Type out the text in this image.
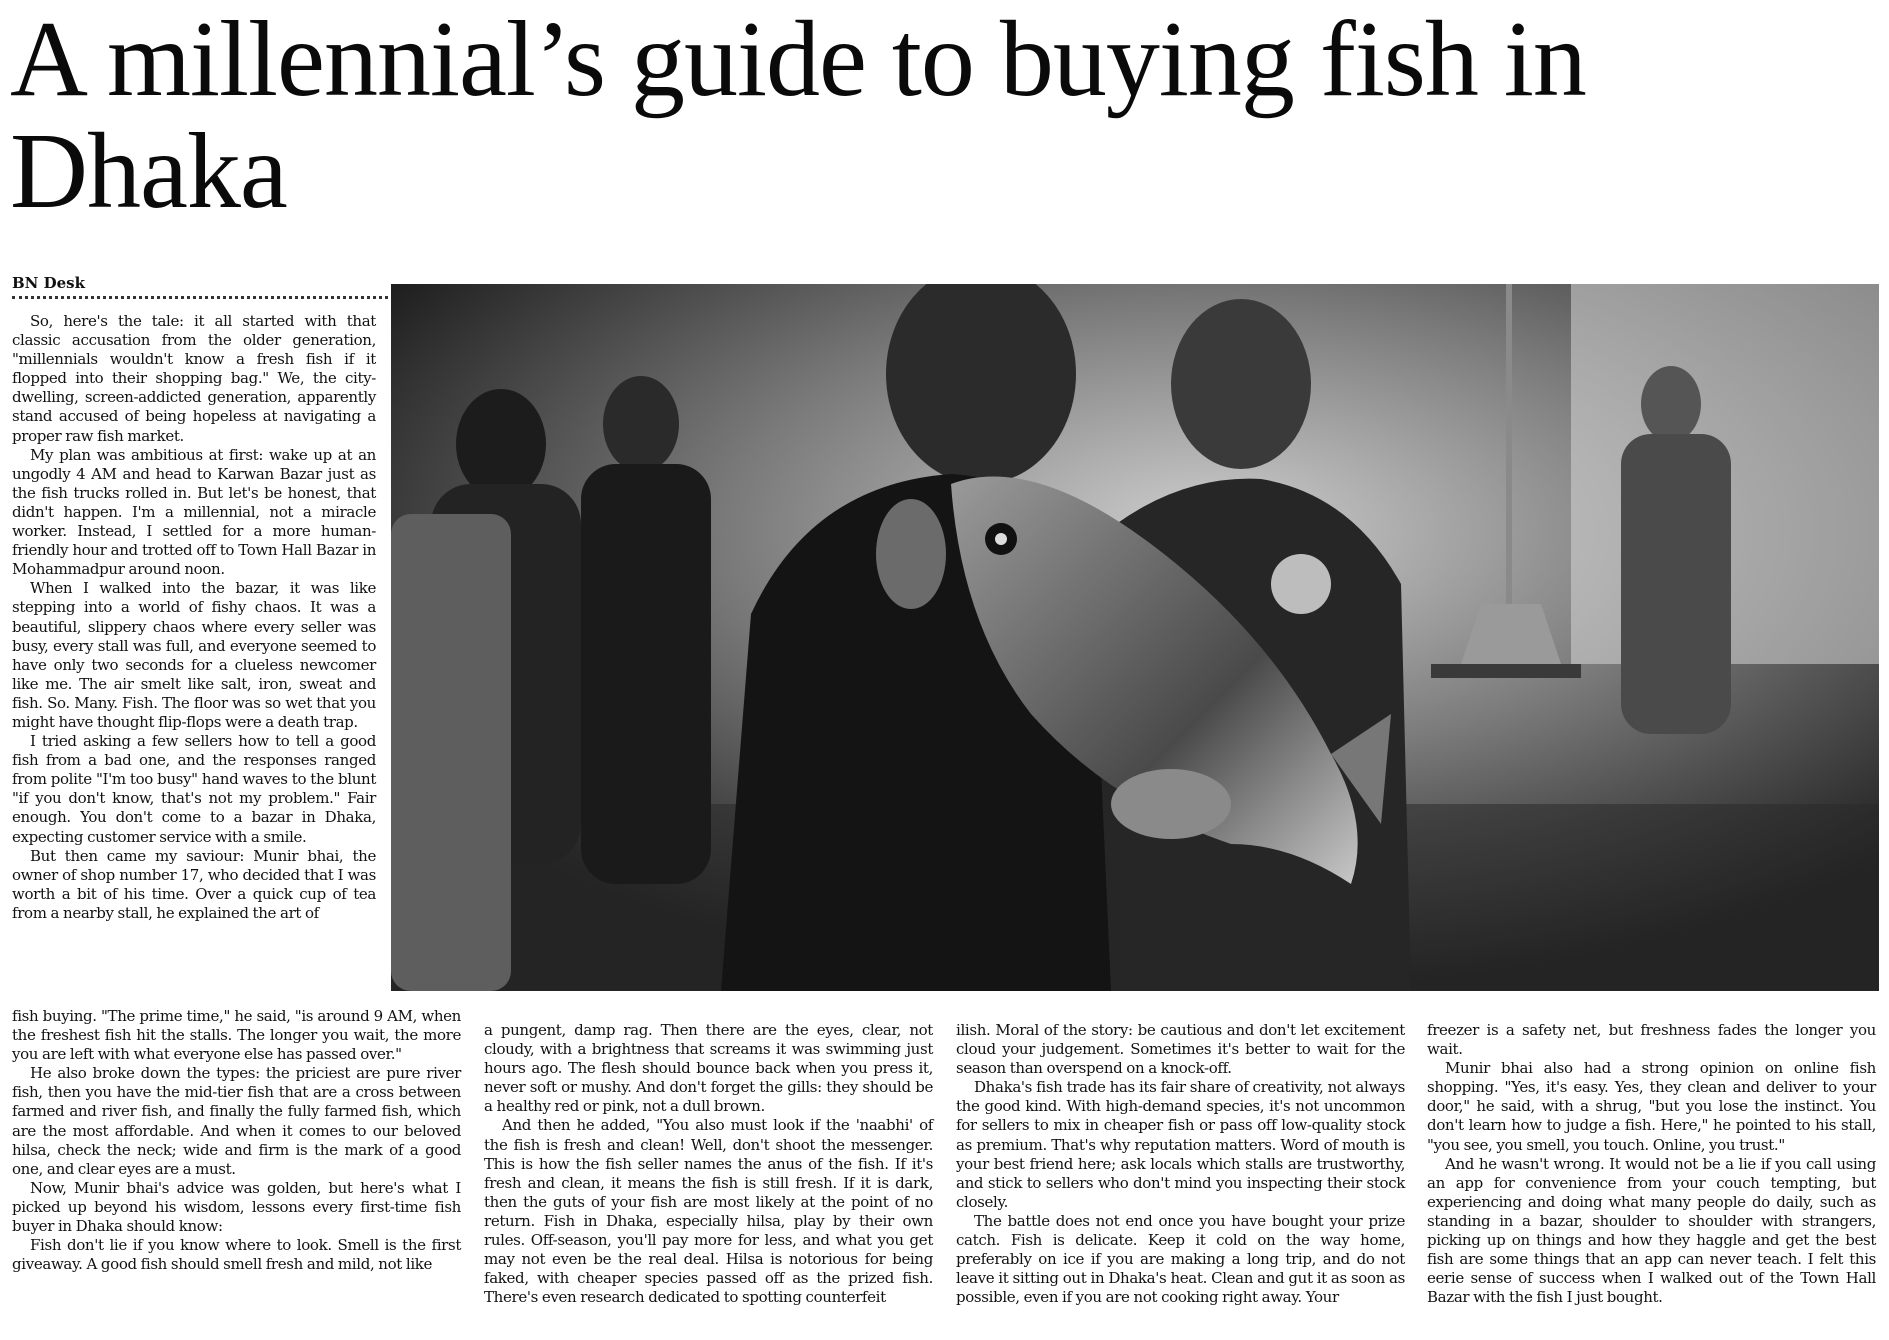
A millennial’s guide to buying fish in Dhaka
BN Desk

So, here's the tale: it all started with that classic accusation from the older generation, "millennials wouldn't know a fresh fish if it flopped into their shopping bag." We, the city-dwelling, screen-addicted generation, apparently stand accused of being hopeless at navigating a proper raw fish market.

My plan was ambitious at first: wake up at an ungodly 4 AM and head to Karwan Bazar just as the fish trucks rolled in. But let's be honest, that didn't happen. I'm a millennial, not a miracle worker. Instead, I settled for a more human-friendly hour and trotted off to Town Hall Bazar in Mohammadpur around noon.

When I walked into the bazar, it was like stepping into a world of fishy chaos. It was a beautiful, slippery chaos where every seller was busy, every stall was full, and everyone seemed to have only two seconds for a clueless newcomer like me. The air smelt like salt, iron, sweat and fish. So. Many. Fish. The floor was so wet that you might have thought flip-flops were a death trap.

I tried asking a few sellers how to tell a good fish from a bad one, and the responses ranged from polite "I'm too busy" hand waves to the blunt "if you don't know, that's not my problem." Fair enough. You don't come to a bazar in Dhaka, expecting customer service with a smile.

But then came my saviour: Munir bhai, the owner of shop number 17, who decided that I was worth a bit of his time. Over a quick cup of tea from a nearby stall, he explained the art of

fish buying. "The prime time," he said, "is around 9 AM, when the freshest fish hit the stalls. The longer you wait, the more you are left with what everyone else has passed over."

He also broke down the types: the priciest are pure river fish, then you have the mid-tier fish that are a cross between farmed and river fish, and finally the fully farmed fish, which are the most affordable. And when it comes to our beloved hilsa, check the neck; wide and firm is the mark of a good one, and clear eyes are a must.

Now, Munir bhai's advice was golden, but here's what I picked up beyond his wisdom, lessons every first-time fish buyer in Dhaka should know:

Fish don't lie if you know where to look. Smell is the first giveaway. A good fish should smell fresh and mild, not like

a pungent, damp rag. Then there are the eyes, clear, not cloudy, with a brightness that screams it was swimming just hours ago. The flesh should bounce back when you press it, never soft or mushy. And don't forget the gills: they should be a healthy red or pink, not a dull brown.

And then he added, "You also must look if the 'naabhi' of the fish is fresh and clean! Well, don't shoot the messenger. This is how the fish seller names the anus of the fish. If it's fresh and clean, it means the fish is still fresh. If it is dark, then the guts of your fish are most likely at the point of no return. Fish in Dhaka, especially hilsa, play by their own rules. Off-season, you'll pay more for less, and what you get may not even be the real deal. Hilsa is notorious for being faked, with cheaper species passed off as the prized fish. There's even research dedicated to spotting counterfeit

ilish. Moral of the story: be cautious and don't let excitement cloud your judgement. Sometimes it's better to wait for the season than overspend on a knock-off.

Dhaka's fish trade has its fair share of creativity, not always the good kind. With high-demand species, it's not uncommon for sellers to mix in cheaper fish or pass off low-quality stock as premium. That's why reputation matters. Word of mouth is your best friend here; ask locals which stalls are trustworthy, and stick to sellers who don't mind you inspecting their stock closely.

The battle does not end once you have bought your prize catch. Fish is delicate. Keep it cold on the way home, preferably on ice if you are making a long trip, and do not leave it sitting out in Dhaka's heat. Clean and gut it as soon as possible, even if you are not cooking right away. Your

freezer is a safety net, but freshness fades the longer you wait.

Munir bhai also had a strong opinion on online fish shopping. "Yes, it's easy. Yes, they clean and deliver to your door," he said, with a shrug, "but you lose the instinct. You don't learn how to judge a fish. Here," he pointed to his stall, "you see, you smell, you touch. Online, you trust."

And he wasn't wrong. It would not be a lie if you call using an app for convenience from your couch tempting, but experiencing and doing what many people do daily, such as standing in a bazar, shoulder to shoulder with strangers, picking up on things and how they haggle and get the best fish are some things that an app can never teach. I felt this eerie sense of success when I walked out of the Town Hall Bazar with the fish I just bought.
